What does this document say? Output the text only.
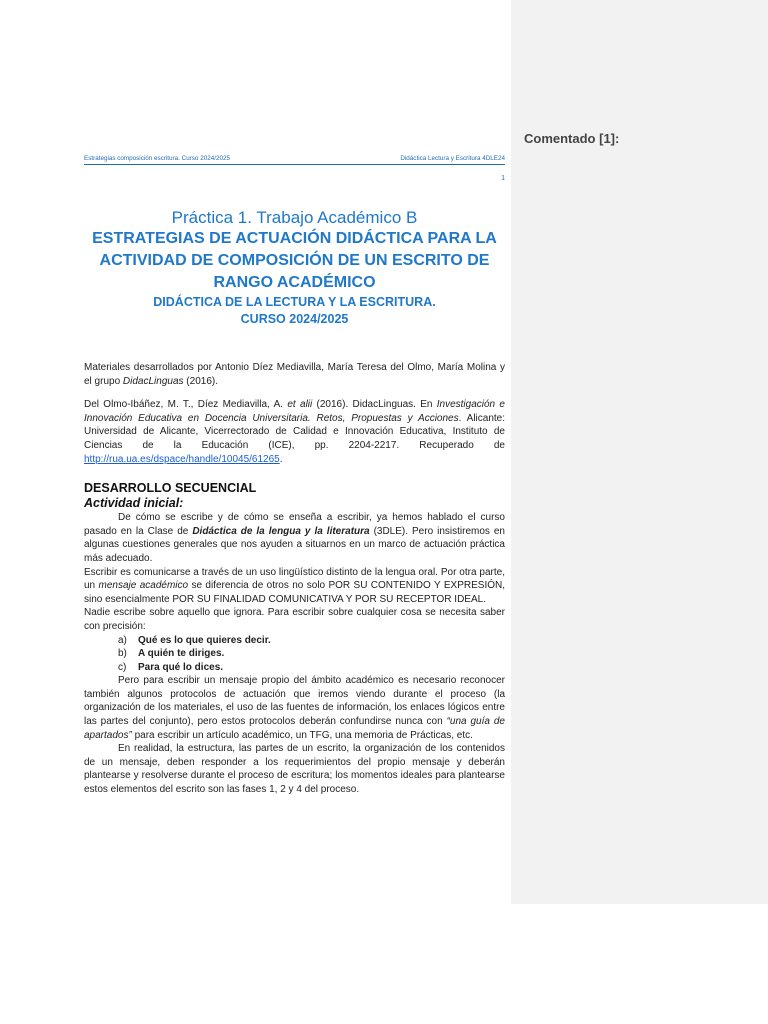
Comentado [1]:
Estrategias composición escritura. Curso 2024/2025	Didáctica Lectura y Escritura 4DLE24
1
Práctica 1. Trabajo Académico B
ESTRATEGIAS DE ACTUACIÓN DIDÁCTICA PARA LA
ACTIVIDAD DE COMPOSICIÓN DE UN ESCRITO DE
RANGO ACADÉMICO
DIDÁCTICA DE LA LECTURA Y LA ESCRITURA.
CURSO 2024/2025

Materiales desarrollados por Antonio Díez Mediavilla, María Teresa del Olmo, María Molina y el grupo DidacLinguas (2016).

Del Olmo-Ibáñez, M. T., Díez Mediavilla, A. et alii (2016). DidacLinguas. En Investigación e Innovación Educativa en Docencia Universitaria. Retos, Propuestas y Acciones. Alicante: Universidad de Alicante, Vicerrectorado de Calidad e Innovación Educativa, Instituto de Ciencias de la Educación (ICE), pp. 2204-2217. Recuperado de http://rua.ua.es/dspace/handle/10045/61265.

DESARROLLO SECUENCIAL

Actividad inicial:

De cómo se escribe y de cómo se enseña a escribir, ya hemos hablado el curso pasado en la Clase de Didáctica de la lengua y la literatura (3DLE). Pero insistiremos en algunas cuestiones generales que nos ayuden a situarnos en un marco de actuación práctica más adecuado.

Escribir es comunicarse a través de un uso lingüístico distinto de la lengua oral. Por otra parte, un mensaje académico se diferencia de otros no solo POR SU CONTENIDO Y EXPRESIÓN, sino esencialmente POR SU FINALIDAD COMUNICATIVA Y POR SU RECEPTOR IDEAL.

Nadie escribe sobre aquello que ignora. Para escribir sobre cualquier cosa se necesita saber con precisión:

a)	Qué es lo que quieres decir.
b)	A quién te diriges.
c)	Para qué lo dices.

Pero para escribir un mensaje propio del ámbito académico es necesario reconocer también algunos protocolos de actuación que iremos viendo durante el proceso (la organización de los materiales, el uso de las fuentes de información, los enlaces lógicos entre las partes del conjunto), pero estos protocolos deberán confundirse nunca con “una guía de apartados” para escribir un artículo académico, un TFG, una memoria de Prácticas, etc.

En realidad, la estructura, las partes de un escrito, la organización de los contenidos de un mensaje, deben responder a los requerimientos del propio mensaje y deberán plantearse y resolverse durante el proceso de escritura; los momentos ideales para plantearse estos elementos del escrito son las fases 1, 2 y 4 del proceso.
